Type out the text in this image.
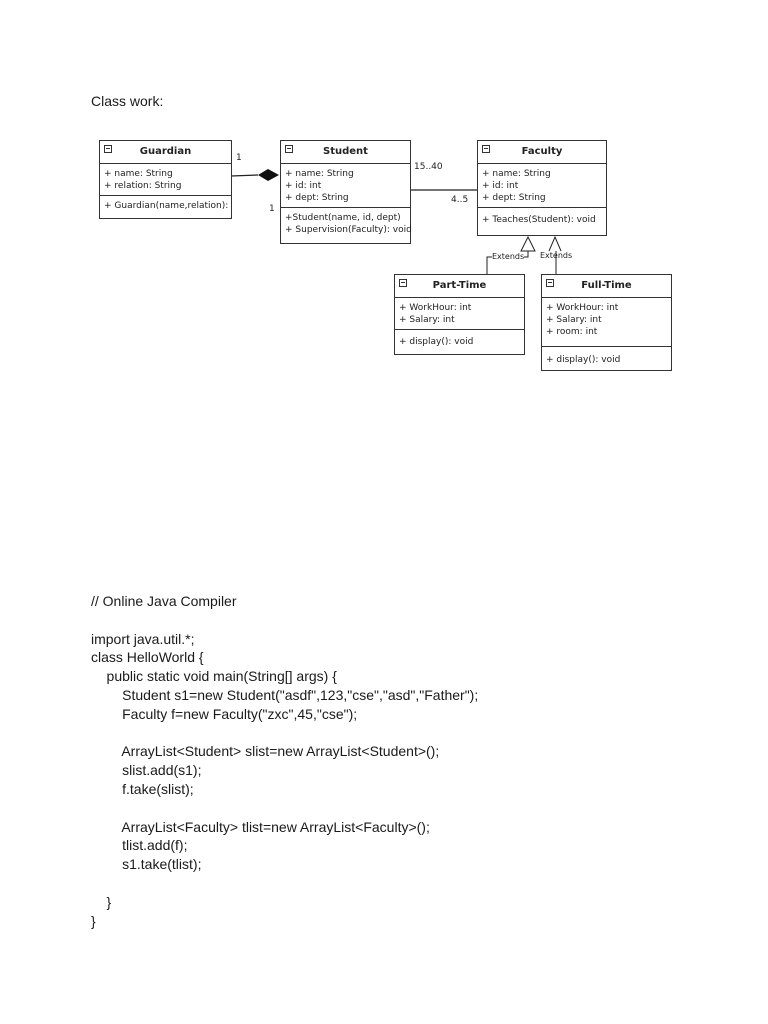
Class work:
Guardian
+ name: String
+ relation: String
+ Guardian(name,relation):
Student
+ name: String
+ id: int
+ dept: String
+Student(name, id, dept)
+ Supervision(Faculty): void
Faculty
+ name: String
+ id: int
+ dept: String
+ Teaches(Student): void
Part-Time
+ WorkHour: int
+ Salary: int
+ display(): void
Full-Time
+ WorkHour: int
+ Salary: int
+ room: int
+ display(): void
1
1
15..40
4..5
Extends Extends
// Online Java Compiler
import java.util.*;
class HelloWorld {
public static void main(String[] args) {
Student s1=new Student("asdf",123,"cse","asd","Father");
Faculty f=new Faculty("zxc",45,"cse");
ArrayList<Student> slist=new ArrayList<Student>();
slist.add(s1);
f.take(slist);
ArrayList<Faculty> tlist=new ArrayList<Faculty>();
tlist.add(f);
s1.take(tlist);
}
}
